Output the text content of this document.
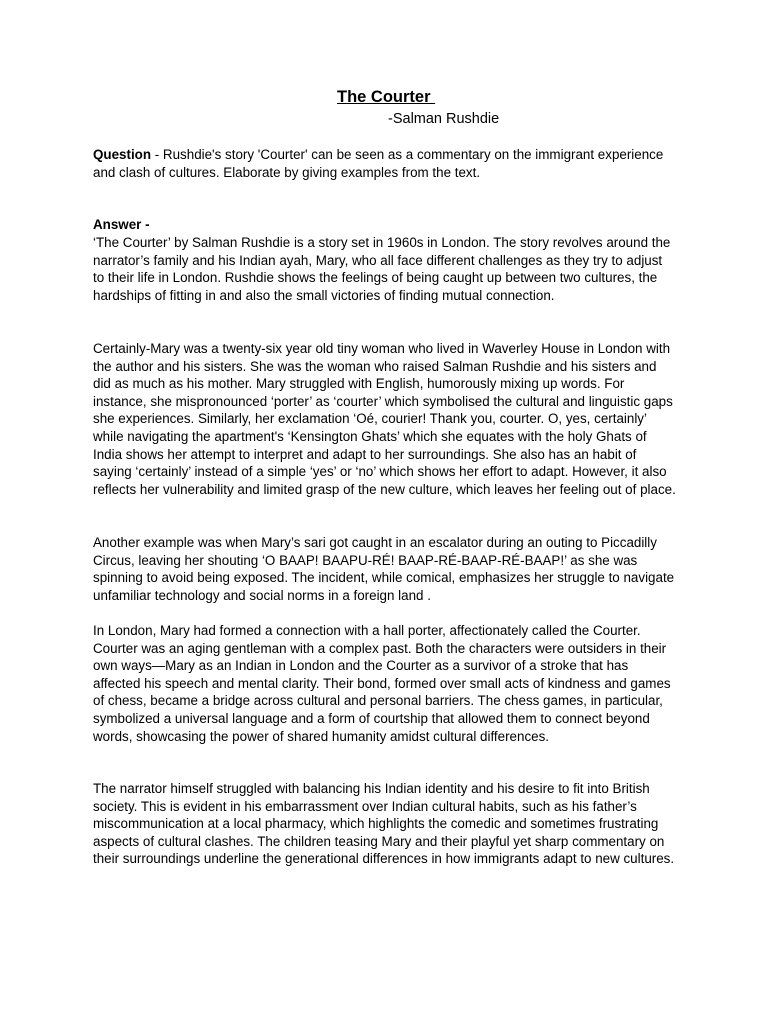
The Courter
-Salman Rushdie

Question - Rushdie's story 'Courter' can be seen as a commentary on the immigrant experience and clash of cultures. Elaborate by giving examples from the text.

Answer -

‘The Courter’ by Salman Rushdie is a story set in 1960s in London. The story revolves around the narrator’s family and his Indian ayah, Mary, who all face different challenges as they try to adjust to their life in London. Rushdie shows the feelings of being caught up between two cultures, the hardships of fitting in and also the small victories of finding mutual connection.

Certainly-Mary was a twenty-six year old tiny woman who lived in Waverley House in London with the author and his sisters. She was the woman who raised Salman Rushdie and his sisters and did as much as his mother. Mary struggled with English, humorously mixing up words. For instance, she mispronounced ‘porter’ as ‘courter’ which symbolised the cultural and linguistic gaps she experiences. Similarly, her exclamation ‘Oé, courier! Thank you, courter. O, yes, certainly’ while navigating the apartment's ‘Kensington Ghats’ which she equates with the holy Ghats of India shows her attempt to interpret and adapt to her surroundings. She also has an habit of saying ‘certainly’ instead of a simple ‘yes’ or ‘no’ which shows her effort to adapt. However, it also reflects her vulnerability and limited grasp of the new culture, which leaves her feeling out of place.

Another example was when Mary’s sari got caught in an escalator during an outing to Piccadilly Circus, leaving her shouting ‘O BAAP! BAAPU-RÉ! BAAP-RÉ-BAAP-RÉ-BAAP!’ as she was spinning to avoid being exposed. The incident, while comical, emphasizes her struggle to navigate unfamiliar technology and social norms in a foreign land .

In London, Mary had formed a connection with a hall porter, affectionately called the Courter. Courter was an aging gentleman with a complex past. Both the characters were outsiders in their own ways—Mary as an Indian in London and the Courter as a survivor of a stroke that has affected his speech and mental clarity. Their bond, formed over small acts of kindness and games of chess, became a bridge across cultural and personal barriers. The chess games, in particular, symbolized a universal language and a form of courtship that allowed them to connect beyond words, showcasing the power of shared humanity amidst cultural differences.

The narrator himself struggled with balancing his Indian identity and his desire to fit into British society. This is evident in his embarrassment over Indian cultural habits, such as his father’s miscommunication at a local pharmacy, which highlights the comedic and sometimes frustrating aspects of cultural clashes. The children teasing Mary and their playful yet sharp commentary on their surroundings underline the generational differences in how immigrants adapt to new cultures.
